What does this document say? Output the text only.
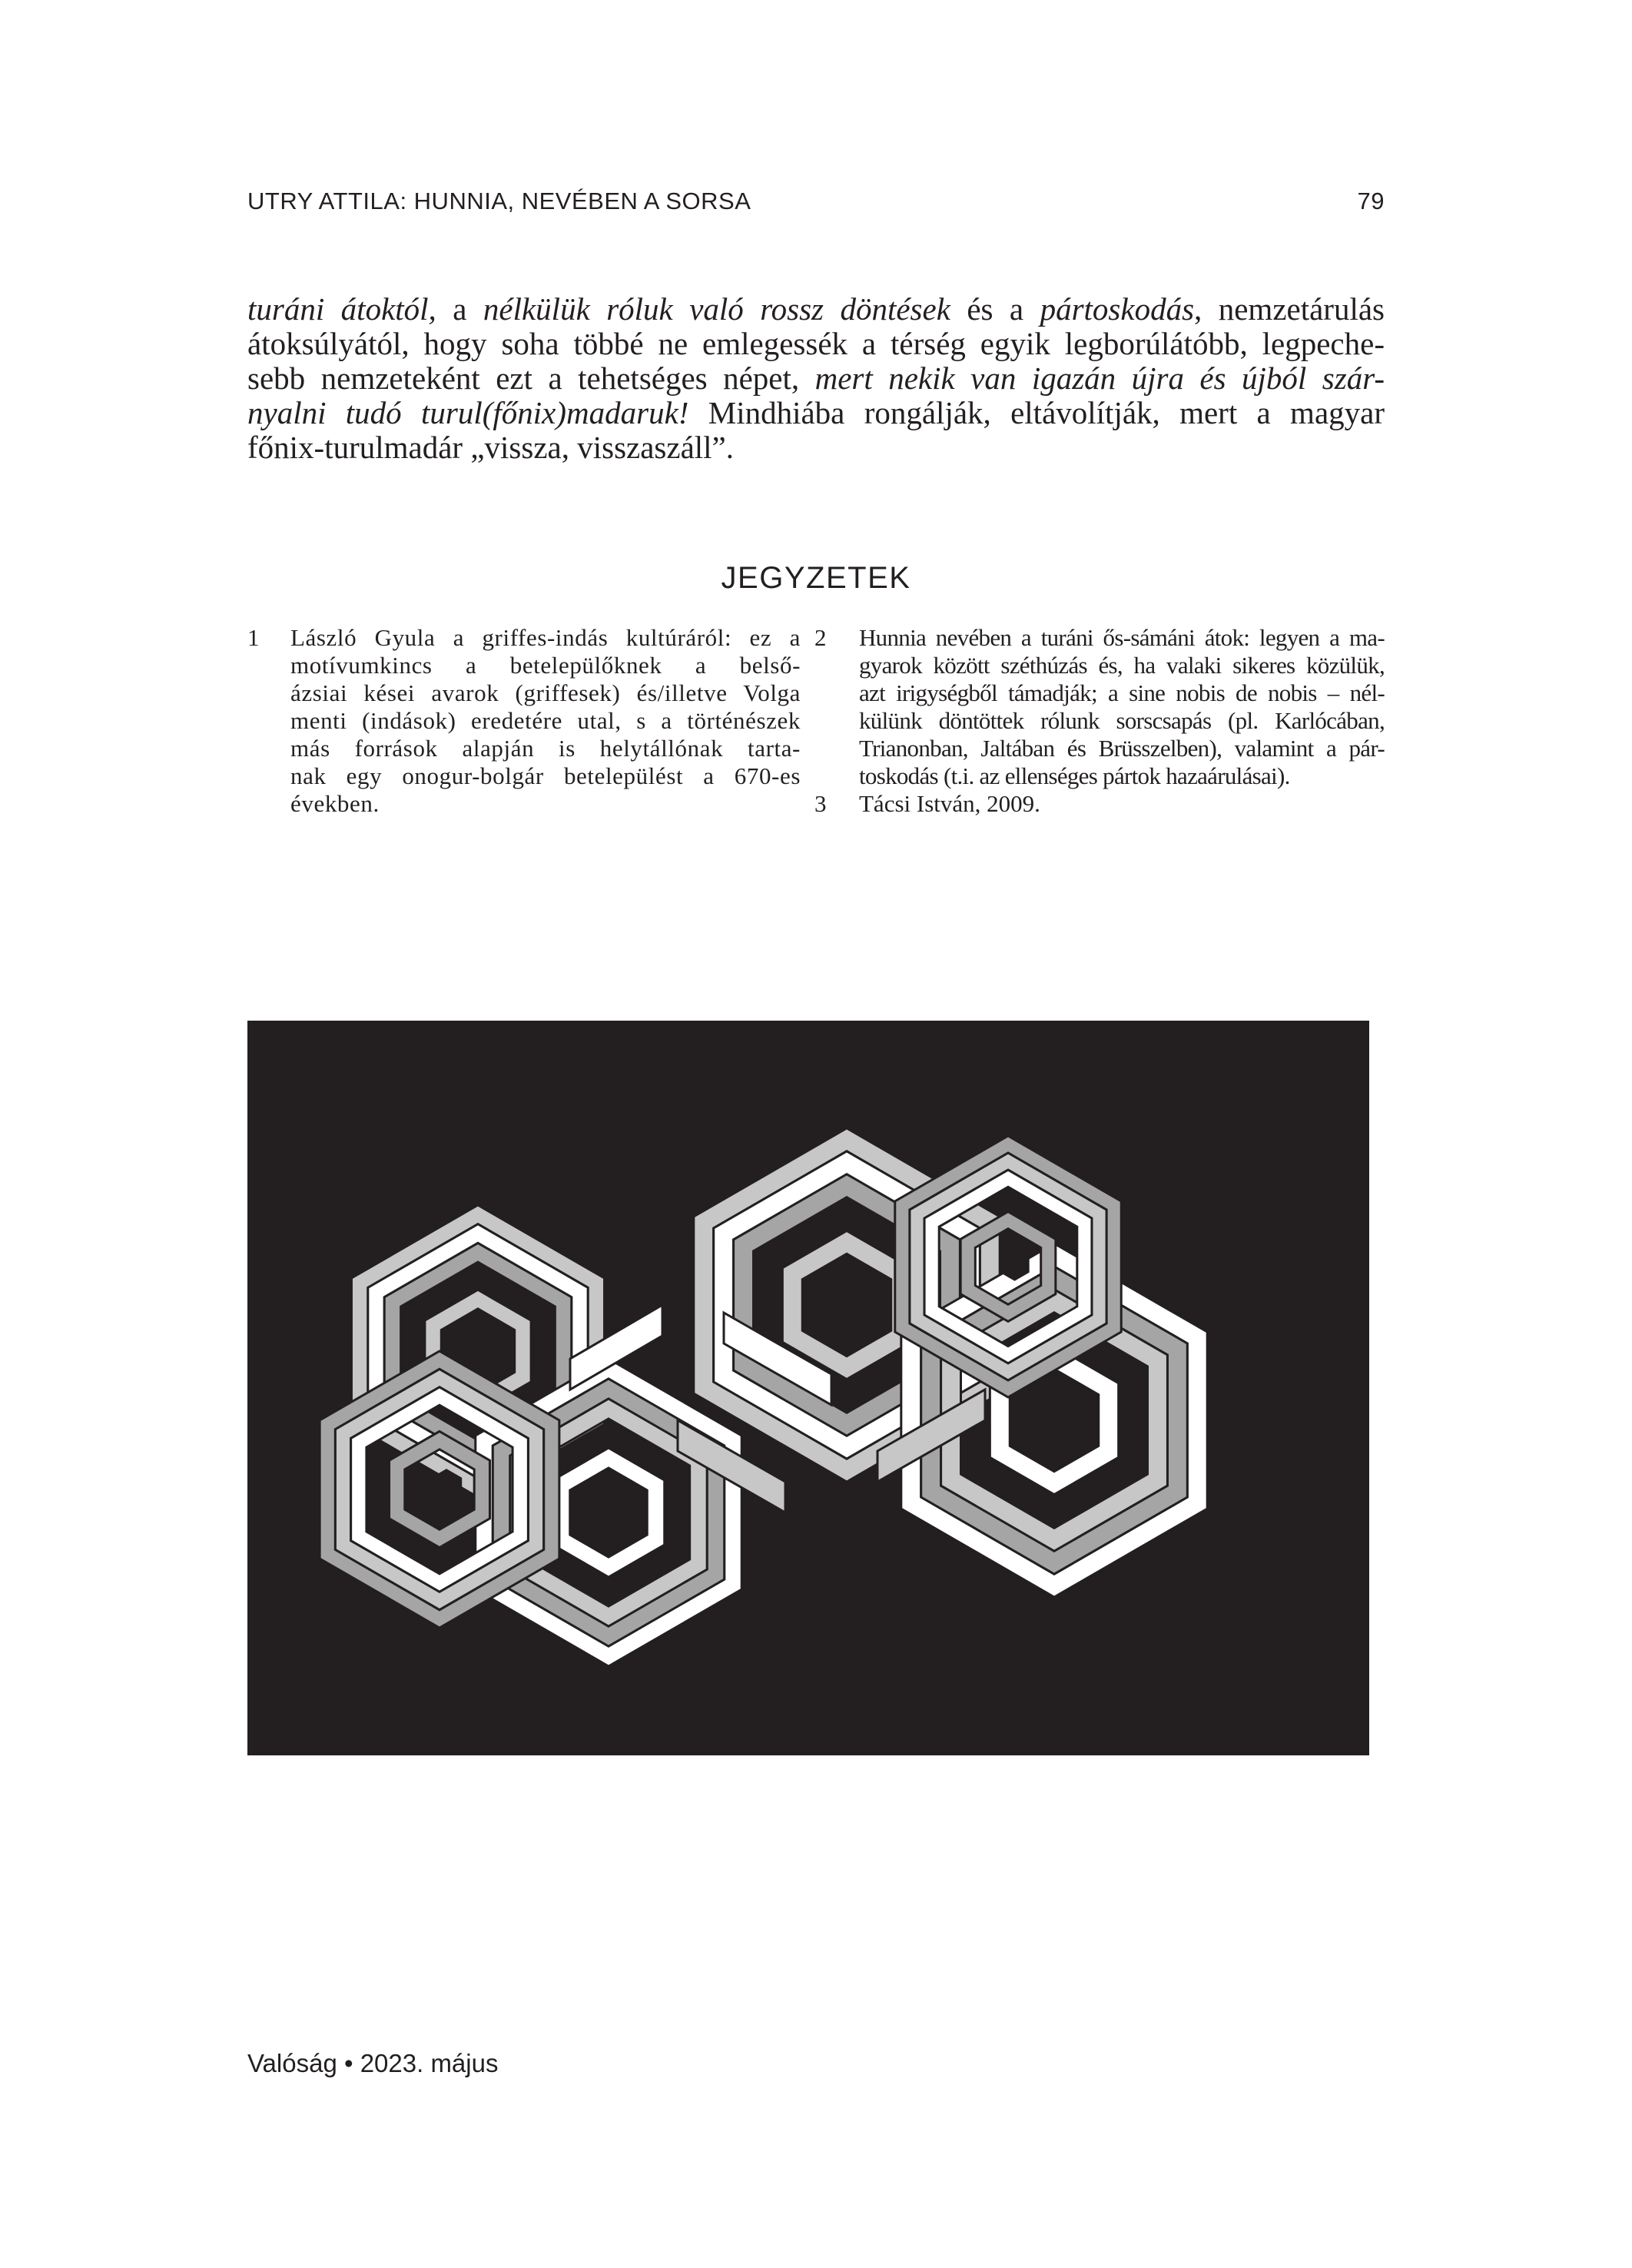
UTRY ATTILA: HUNNIA, NEVÉBEN A SORSA	79
turáni átoktól, a nélkülük róluk való rossz döntések és a pártoskodás, nemzetárulás
átoksúlyától, hogy soha többé ne emlegessék a térség egyik legborúlátóbb, legpeche-
sebb nemzeteként ezt a tehetséges népet, mert nekik van igazán újra és újból szár-
nyalni tudó turul(főnix)madaruk! Mindhiába rongálják, eltávolítják, mert a magyar
főnix-turulmadár „vissza, visszaszáll”.
JEGYZETEK
1 László Gyula a griffes-indás kultúráról: ez a
motívumkincs a betelepülőknek a belső-
ázsiai kései avarok (griffesek) és/illetve Volga
menti (indások) eredetére utal, s a történészek
más források alapján is helytállónak tarta-
nak egy onogur-bolgár betelepülést a 670-es
években.
2 Hunnia nevében a turáni ős-sámáni átok: legyen a ma-
gyarok között széthúzás és, ha valaki sikeres közülük,
azt irigységből támadják; a sine nobis de nobis – nél-
külünk döntöttek rólunk sorscsapás (pl. Karlócában,
Trianonban, Jaltában és Brüsszelben), valamint a pár-
toskodás (t.i. az ellenséges pártok hazaárulásai).
3 Tácsi István, 2009.
Valóság • 2023. május
